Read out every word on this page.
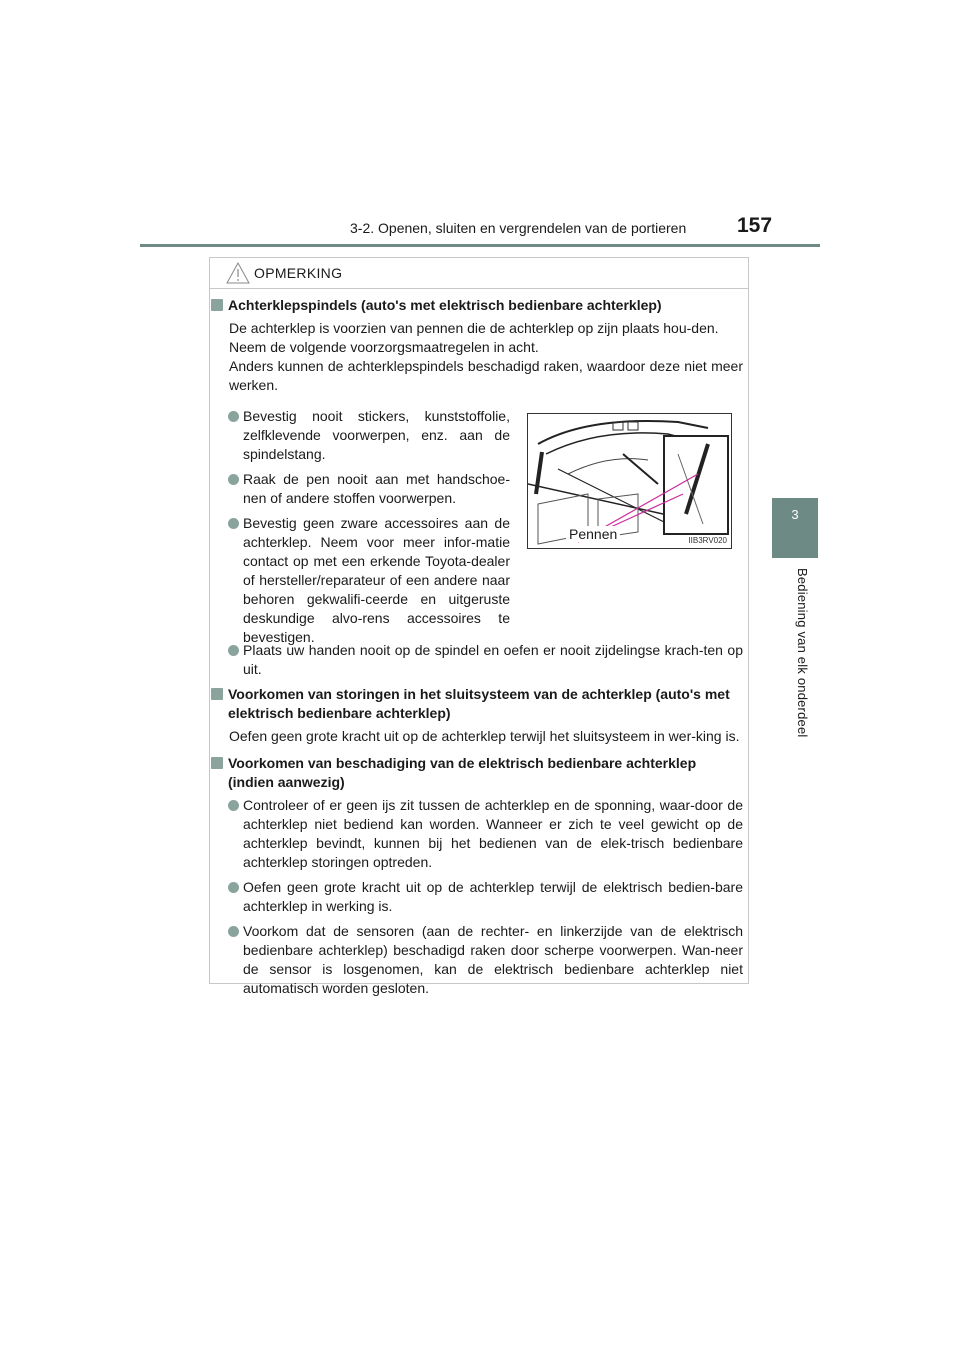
3-2. Openen, sluiten en vergrendelen van de portieren 157
3
Bediening van elk onderdeel
OPMERKING
Achterklepspindels (auto's met elektrisch bedienbare achterklep)
De achterklep is voorzien van pennen die de achterklep op zijn plaats hou-den.
Neem de volgende voorzorgsmaatregelen in acht.
Anders kunnen de achterklepspindels beschadigd raken, waardoor deze niet meer werken.
Bevestig nooit stickers, kunststoffolie, zelfklevende voorwerpen, enz. aan de spindelstang.
Raak de pen nooit aan met handschoe-nen of andere stoffen voorwerpen.
Bevestig geen zware accessoires aan de achterklep. Neem voor meer infor-matie contact op met een erkende Toyota-dealer of hersteller/reparateur of een andere naar behoren gekwalifi-ceerde en uitgeruste deskundige alvo-rens accessoires te bevestigen.
Pennen	IIB3RV020
Plaats uw handen nooit op de spindel en oefen er nooit zijdelingse krach-ten op uit.
Voorkomen van storingen in het sluitsysteem van de achterklep (auto's met elektrisch bedienbare achterklep)
Oefen geen grote kracht uit op de achterklep terwijl het sluitsysteem in wer-king is.
Voorkomen van beschadiging van de elektrisch bedienbare achterklep (indien aanwezig)
Controleer of er geen ijs zit tussen de achterklep en de sponning, waar-door de achterklep niet bediend kan worden. Wanneer er zich te veel gewicht op de achterklep bevindt, kunnen bij het bedienen van de elek-trisch bedienbare achterklep storingen optreden.
Oefen geen grote kracht uit op de achterklep terwijl de elektrisch bedien-bare achterklep in werking is.
Voorkom dat de sensoren (aan de rechter- en linkerzijde van de elektrisch bedienbare achterklep) beschadigd raken door scherpe voorwerpen. Wan-neer de sensor is losgenomen, kan de elektrisch bedienbare achterklep niet automatisch worden gesloten.
